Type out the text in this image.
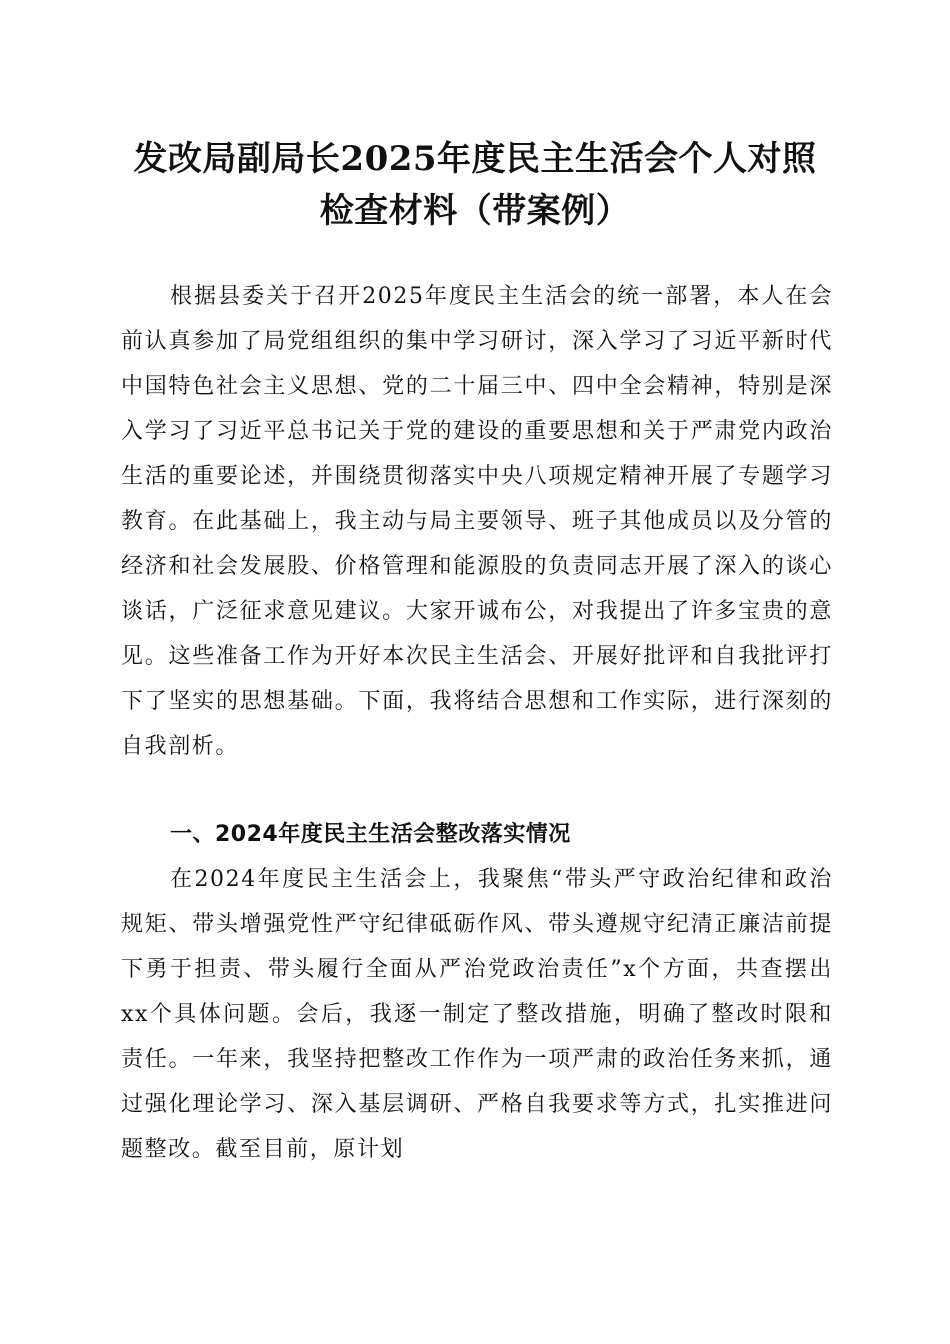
发改局副局长2025年度民主生活会个人对照
检查材料（带案例）

根据县委关于召开2025年度民主生活会的统一部署，本人在会前认真参加了局党组组织的集中学习研讨，深入学习了习近平新时代中国特色社会主义思想、党的二十届三中、四中全会精神，特别是深入学习了习近平总书记关于党的建设的重要思想和关于严肃党内政治生活的重要论述，并围绕贯彻落实中央八项规定精神开展了专题学习教育。在此基础上，我主动与局主要领导、班子其他成员以及分管的经济和社会发展股、价格管理和能源股的负责同志开展了深入的谈心谈话，广泛征求意见建议。大家开诚布公，对我提出了许多宝贵的意见。这些准备工作为开好本次民主生活会、开展好批评和自我批评打下了坚实的思想基础。下面，我将结合思想和工作实际，进行深刻的自我剖析。

一、2024年度民主生活会整改落实情况

在2024年度民主生活会上，我聚焦“带头严守政治纪律和政治规矩、带头增强党性严守纪律砥砺作风、带头遵规守纪清正廉洁前提下勇于担责、带头履行全面从严治党政治责任”x个方面，共查摆出xx个具体问题。会后，我逐一制定了整改措施，明确了整改时限和责任。一年来，我坚持把整改工作作为一项严肃的政治任务来抓，通过强化理论学习、深入基层调研、严格自我要求等方式，扎实推进问题整改。截至目前，原计划
